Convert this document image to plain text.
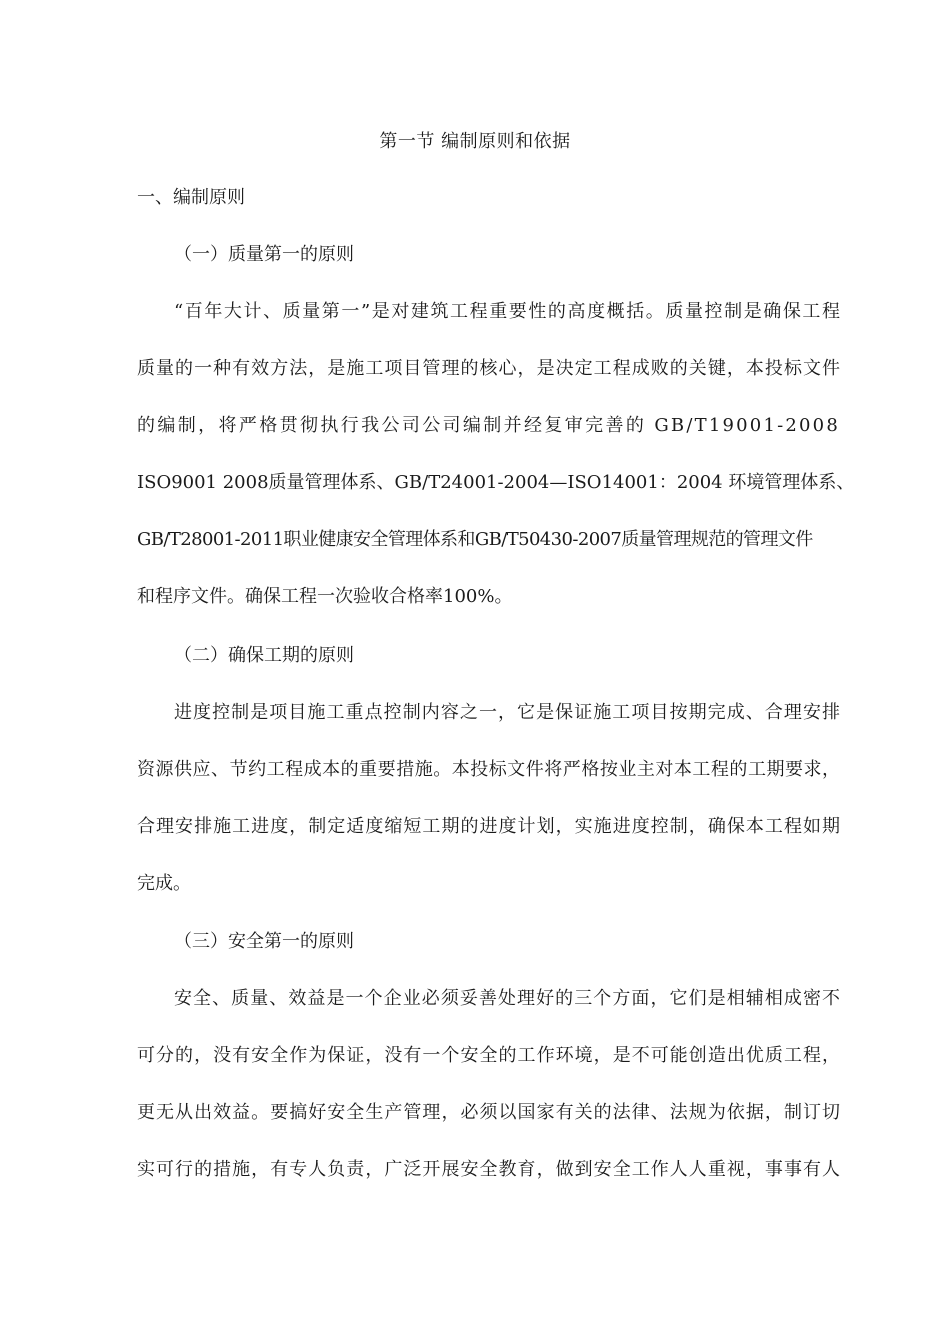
第一节 编制原则和依据
一、编制原则
（一）质量第一的原则
“百年大计、质量第一”是对建筑工程重要性的高度概括。质量控制是确保工程
质量的一种有效方法，是施工项目管理的核心，是决定工程成败的关键，本投标文件
的编制，将严格贯彻执行我公司公司编制并经复审完善的 GB/T19001-2008
ISO9001 2008质量管理体系、GB/T24001-2004—ISO14001：2004 环境管理体系、
GB/T28001-2011职业健康安全管理体系和GB/T50430-2007质量管理规范的管理文件
和程序文件。确保工程一次验收合格率100%。
（二）确保工期的原则
进度控制是项目施工重点控制内容之一，它是保证施工项目按期完成、合理安排
资源供应、节约工程成本的重要措施。本投标文件将严格按业主对本工程的工期要求，
合理安排施工进度，制定适度缩短工期的进度计划，实施进度控制，确保本工程如期
完成。
（三）安全第一的原则
安全、质量、效益是一个企业必须妥善处理好的三个方面，它们是相辅相成密不
可分的，没有安全作为保证，没有一个安全的工作环境，是不可能创造出优质工程，
更无从出效益。要搞好安全生产管理，必须以国家有关的法律、法规为依据，制订切
实可行的措施，有专人负责，广泛开展安全教育，做到安全工作人人重视，事事有人
